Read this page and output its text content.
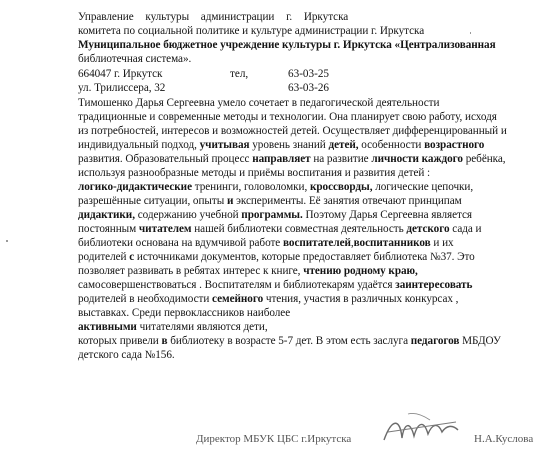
Управление культуры администрации г. Иркутска
комитета по социальной политике и культуре администрации г. Иркутска
Муниципальное бюджетное учреждение культуры г. Иркутска «Централизованная
библиотечная система».
664047 г. Иркутск	тел,	63-03-25
ул. Трилиссера, 32	63-03-26
Тимошенко Дарья Сергеевна умело сочетает в педагогической деятельности
традиционные и современные методы и технологии. Она планирует свою работу, исходя
из потребностей, интересов и возможностей детей. Осуществляет дифференцированный и
индивидуальный подход, учитывая уровень знаний детей, особенности возрастного
развития. Образовательный процесс направляет на развитие личности каждого ребёнка,
используя разнообразные методы и приёмы воспитания и развития детей :
логико-дидактические тренинги, головоломки, кроссворды, логические цепочки,
разрешённые ситуации, опыты и эксперименты. Её занятия отвечают принципам
дидактики, содержанию учебной программы. Поэтому Дарья Сергеевна является
постоянным читателем нашей библиотеки совместная деятельность детского сада и
библиотеки основана на вдумчивой работе воспитателей,воспитанников и их
родителей с источниками документов, которые предоставляет библиотека №37. Это
позволяет развивать в ребятах интерес к книге, чтению родному краю,
самосовершенствоваться . Воспитателям и библиотекарям удаётся заинтересовать
родителей в необходимости семейного чтения, участия в различных конкурсах ,
выставках. Среди первоклассников наиболее
активными читателями являются дети,
которых привели в библиотеку в возрасте 5-7 дет. В этом есть заслуга педагогов МБДОУ
детского сада №156.
Директор МБУК ЦБС г.Иркутска	Н.А.Куслова
